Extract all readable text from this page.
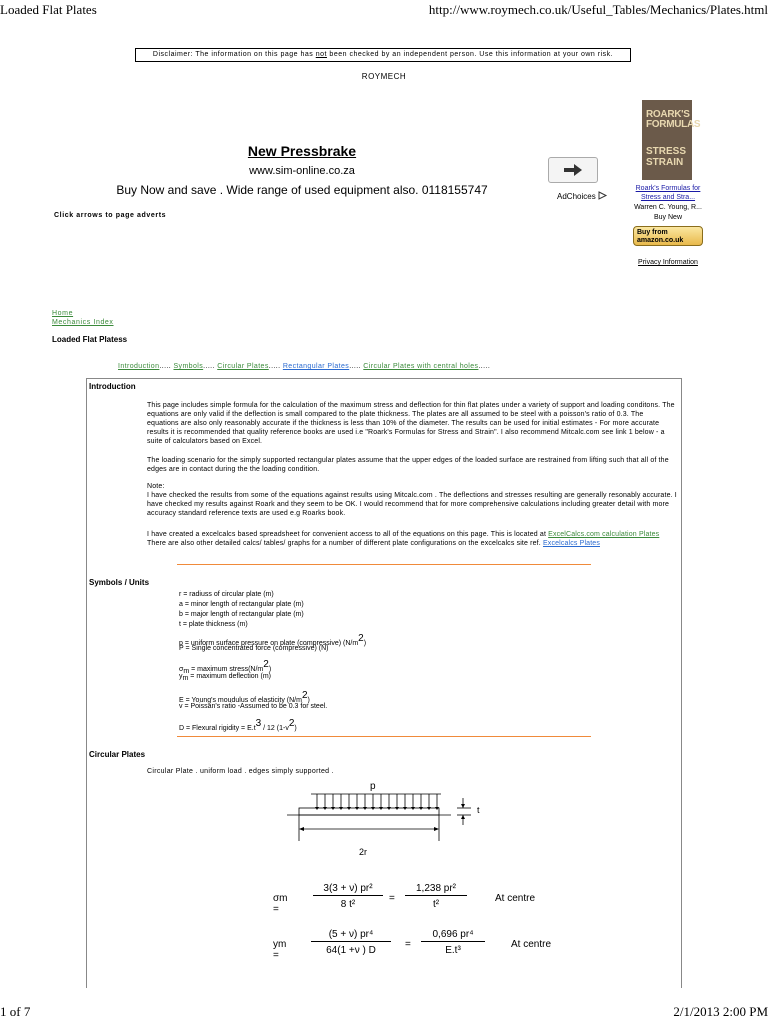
Loaded Flat Plates	http://www.roymech.co.uk/Useful_Tables/Mechanics/Plates.html
1 of 7	2/1/2013 2:00 PM
Disclaimer: The information on this page has not been checked by an independent person. Use this information at your own risk.
ROYMECH
New Pressbrake
www.sim-online.co.za
Buy Now and save . Wide range of used equipment also. 0118155747	AdChoices
Click arrows to page adverts
ROARK'S FORMULAS
STRESS STRAIN
Roark's Formulas for Stress and Stra...
Warren C. Young, R...
Buy New
Buy from amazon.co.uk
Privacy Information
Home
Mechanics Index
Loaded Flat Platess
Introduction..... Symbols..... Circular Plates..... Rectangular Plates..... Circular Plates with central holes.....
Introduction
This page includes simple formula for the calculation of the maximum stress and deflection for thin flat plates under a variety of support and loading conditons. The equations are only valid if the deflection is small compared to the plate thickness. The plates are all assumed to be steel with a poisson's ratio of 0.3. The equations are also only reasonably accurate if the thickness is less than 10% of the diameter. The results can be used for initial estimates - For more accurate results it is recommended that quality reference books are used i.e "Roark's Formulas for Stress and Strain". I also recommend Mitcalc.com see link 1 below - a suite of calculators based on Excel.
The loading scenario for the simply supported rectangular plates assume that the upper edges of the loaded surface are restrained from lifting such that all of the edges are in contact during the the loading condition.
Note:
I have checked the results from some of the equations against results using Mitcalc.com . The deflections and stresses resulting are generally resonably accurate. I have checked my results against Roark and they seem to be OK. I would recommend that for more comprehensive calculations including greater detail with more accuracy standard reference texts are used e.g Roarks book.
I have created a excelcalcs based spreadsheet for convenient access to all of the equations on this page. This is located at ExcelCalcs.com calculation Plates There are also other detailed calcs/ tables/ graphs for a number of different plate configurations on the excelcalcs site ref. Excelcalcs Plates
Symbols / Units
r = radiuss of circular plate (m)
a = minor length of rectangular plate (m)
b = major length of rectangular plate (m)
t = plate thickness (m)
p = uniform surface pressure on plate (compressive) $(N/m^2)$
P = Single concentrated force (compressive) (N)
$\sigma_m$ = maximum $stress(N/m^2)$
$y_m$ = maximum deflection (m)
E = Young's moudulus of elasticity $(N/m^2)$
v = Poissan's ratio -Assumed to be 0.3 for steel.
D = Flexural rigidity = $E.t^3 / 12$ $(1-v^2)$
Circular Plates
Circular Plate . uniform load . edges simply supported .
p
t
2r
σm =
3(3 + ν) pr²
8 t²
=
1,238 pr²
t²
At centre
ym =
(5 + ν) pr⁴
64(1 +ν ) D
=
0,696 pr⁴
E.t³
At centre
